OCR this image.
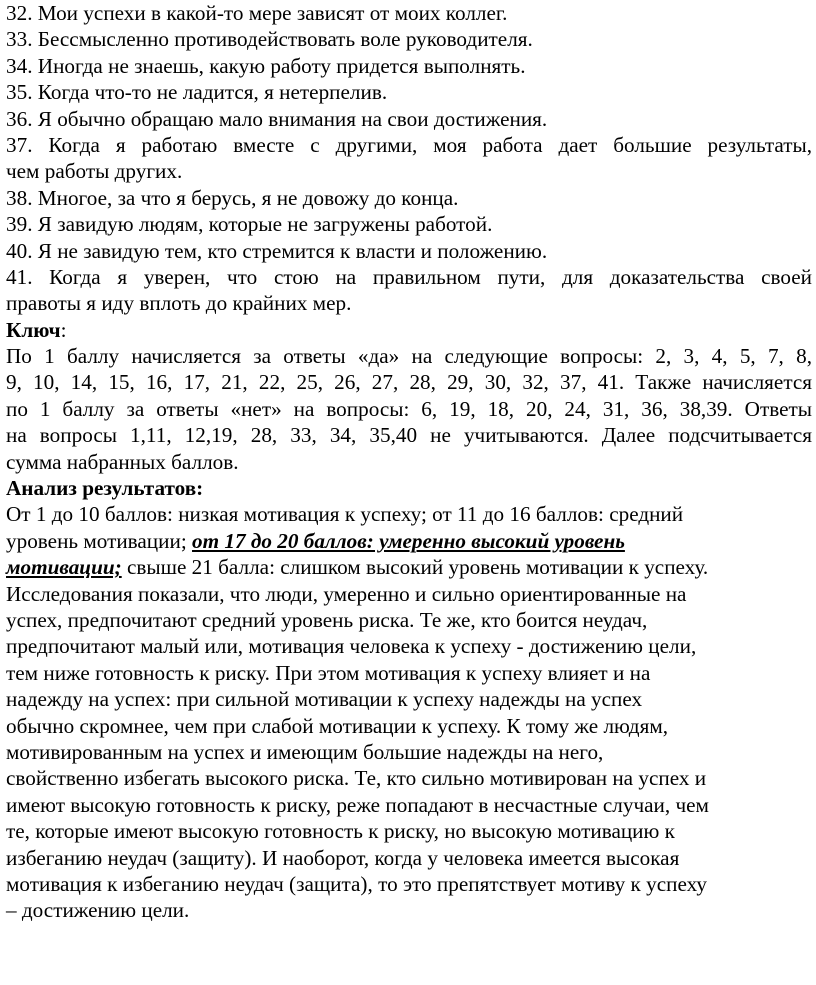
32. Мои успехи в какой-то мере зависят от моих коллег.
33. Бессмысленно противодействовать воле руководителя.
34. Иногда не знаешь, какую работу придется выполнять.
35. Когда что-то не ладится, я нетерпелив.
36. Я обычно обращаю мало внимания на свои достижения.
37. Когда я работаю вместе с другими, моя работа дает большие результаты,
чем работы других.
38. Многое, за что я берусь, я не довожу до конца.
39. Я завидую людям, которые не загружены работой.
40. Я не завидую тем, кто стремится к власти и положению.
41. Когда я уверен, что стою на правильном пути, для доказательства своей
правоты я иду вплоть до крайних мер.
Ключ:
По 1 баллу начисляется за ответы «да» на следующие вопросы: 2, 3, 4, 5, 7, 8,
9, 10, 14, 15, 16, 17, 21, 22, 25, 26, 27, 28, 29, 30, 32, 37, 41. Также начисляется
по 1 баллу за ответы «нет» на вопросы: 6, 19, 18, 20, 24, 31, 36, 38,39. Ответы
на вопросы 1,11, 12,19, 28, 33, 34, 35,40 не учитываются. Далее подсчитывается
сумма набранных баллов.
Анализ результатов:
От 1 до 10 баллов: низкая мотивация к успеху; от 11 до 16 баллов: средний
уровень мотивации; от 17 до 20 баллов: умеренно высокий уровень
мотивации; свыше 21 балла: слишком высокий уровень мотивации к успеху.
Исследования показали, что люди, умеренно и сильно ориентированные на
успех, предпочитают средний уровень риска. Те же, кто боится неудач,
предпочитают малый или, мотивация человека к успеху - достижению цели,
тем ниже готовность к риску. При этом мотивация к успеху влияет и на
надежду на успех: при сильной мотивации к успеху надежды на успех
обычно скромнее, чем при слабой мотивации к успеху. К тому же людям,
мотивированным на успех и имеющим большие надежды на него,
свойственно избегать высокого риска. Те, кто сильно мотивирован на успех и
имеют высокую готовность к риску, реже попадают в несчастные случаи, чем
те, которые имеют высокую готовность к риску, но высокую мотивацию к
избеганию неудач (защиту). И наоборот, когда у человека имеется высокая
мотивация к избеганию неудач (защита), то это препятствует мотиву к успеху
– достижению цели.
